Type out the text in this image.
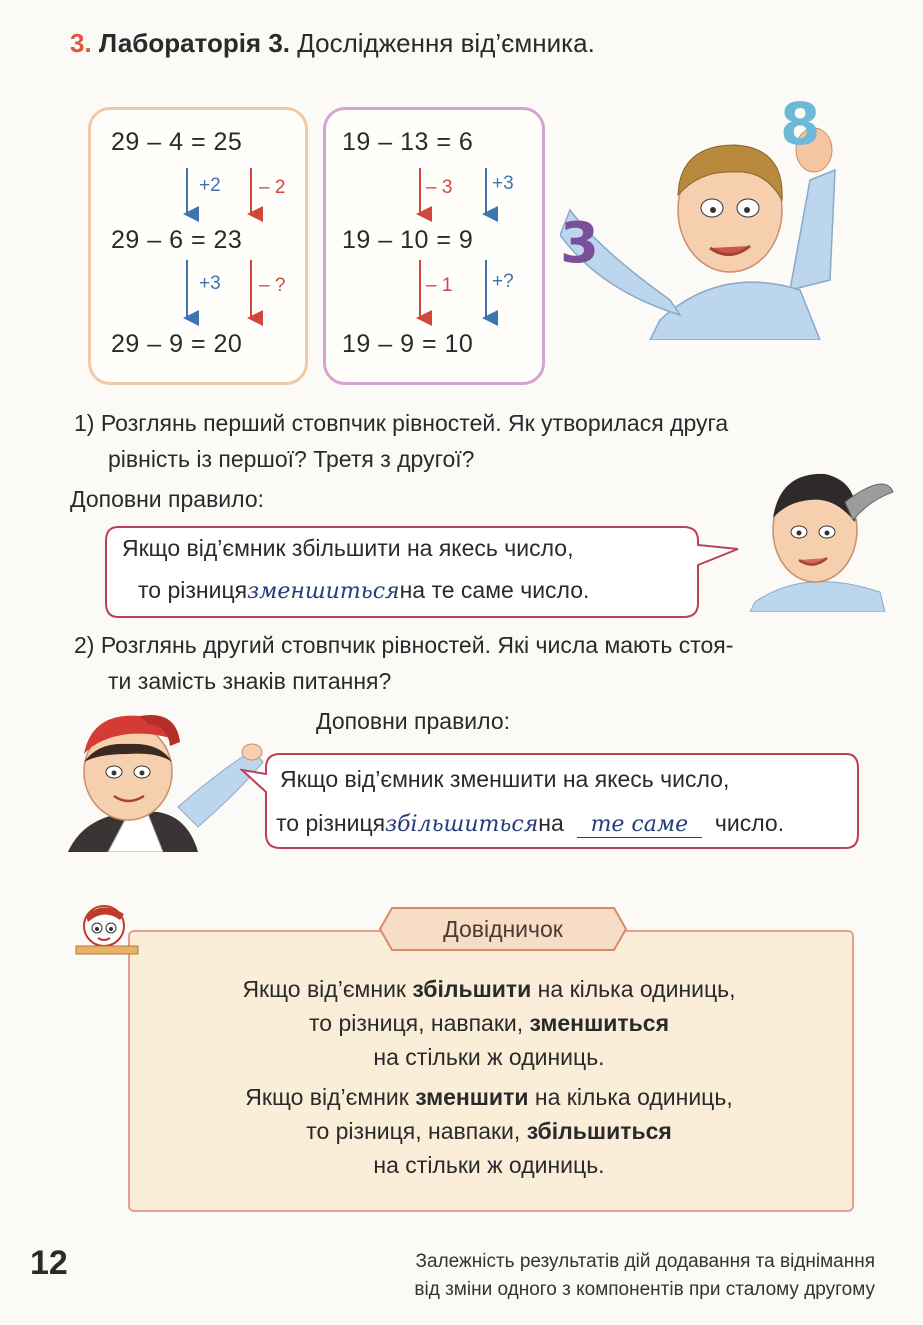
3. Лабораторія 3. Дослідження від’ємника.
29 – 4 = 25
29 – 6 = 23
29 – 9 = 20
+2 – 2
+3 – ?
19 – 13 = 6
19 – 10 = 9
19 – 9 = 10
– 3 +3
– 1 +?
8
3
1) Розглянь перший стовпчик рівностей. Як утворилася друга
рівність із першої? Третя з другої?
Доповни правило:
Якщо від’ємник збільшити на якесь число,
то різницязменшитьсяна те саме число.
2) Розглянь другий стовпчик рівностей. Які числа мають стоя-
ти замість знаків питання?
Доповни правило:
Якщо від’ємник зменшити на якесь число,
то різницязбільшитьсяна те саме число.
Довідничок
Якщо від’ємник збільшити на кілька одиниць,
то різниця, навпаки, зменшиться
на стільки ж одиниць.
Якщо від’ємник зменшити на кілька одиниць,
то різниця, навпаки, збільшиться
на стільки ж одиниць.
12	Залежність результатів дій додавання та віднімання
від зміни одного з компонентів при сталому другому
